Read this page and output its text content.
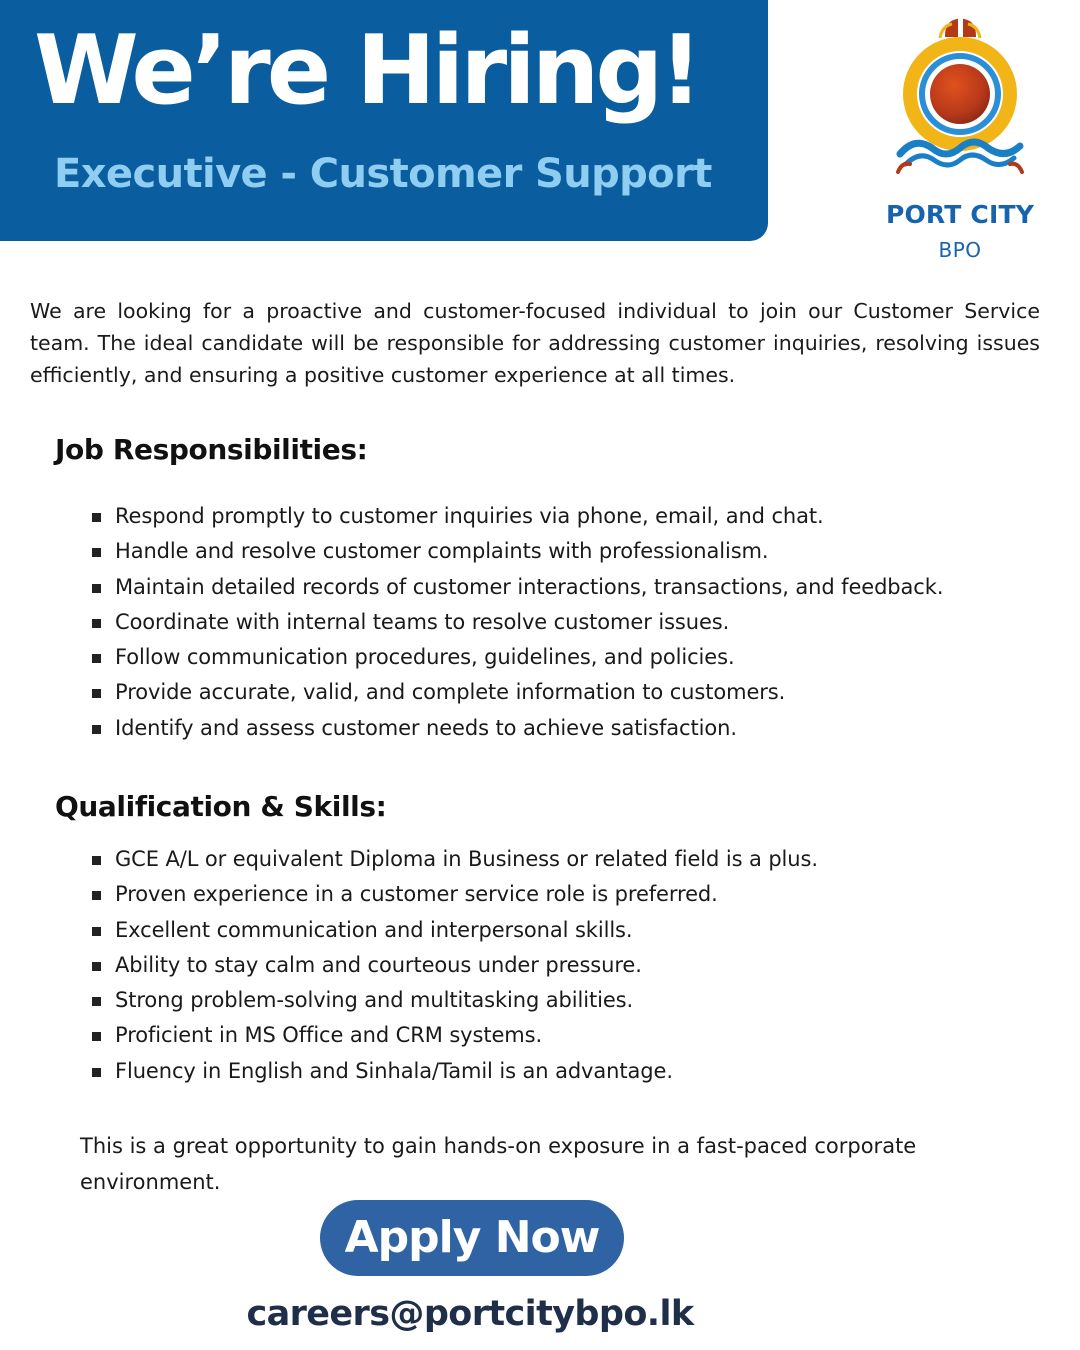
We’re Hiring!
Executive - Customer Support
PORT CITY
BPO

We are looking for a proactive and customer-focused individual to join our Customer Service team. The ideal candidate will be responsible for addressing customer inquiries, resolving issues efficiently, and ensuring a positive customer experience at all times.

Job Responsibilities:
Respond promptly to customer inquiries via phone, email, and chat.
Handle and resolve customer complaints with professionalism.
Maintain detailed records of customer interactions, transactions, and feedback.
Coordinate with internal teams to resolve customer issues.
Follow communication procedures, guidelines, and policies.
Provide accurate, valid, and complete information to customers.
Identify and assess customer needs to achieve satisfaction.
Qualification & Skills:
GCE A/L or equivalent Diploma in Business or related field is a plus.
Proven experience in a customer service role is preferred.
Excellent communication and interpersonal skills.
Ability to stay calm and courteous under pressure.
Strong problem-solving and multitasking abilities.
Proficient in MS Office and CRM systems.
Fluency in English and Sinhala/Tamil is an advantage.

This is a great opportunity to gain hands-on exposure in a fast-paced corporate environment.

Apply Now
careers@portcitybpo.lk
